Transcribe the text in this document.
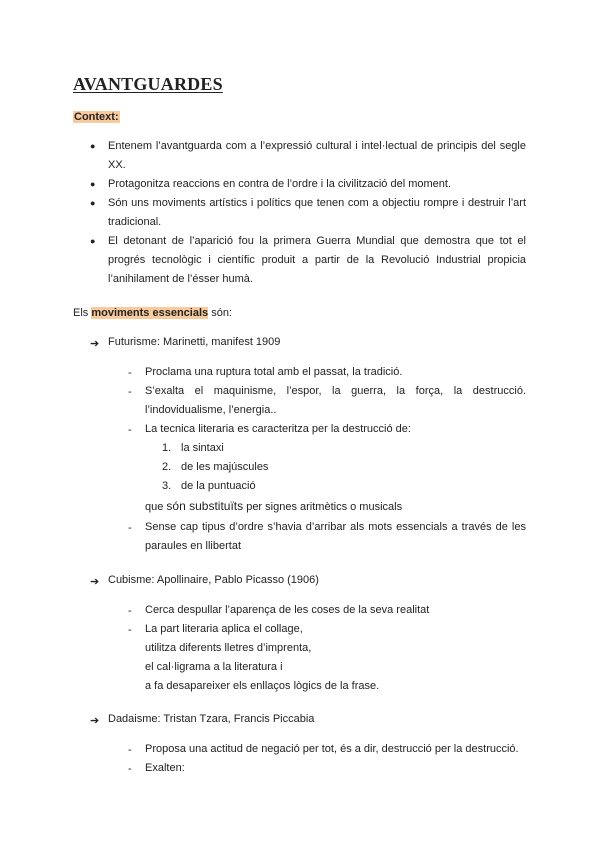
AVANTGUARDES
Context:
● Entenem l’avantguarda com a l’expressió cultural i intel·lectual de principis del segle XX.
● Protagonitza reaccions en contra de l’ordre i la civilització del moment.
● Són uns moviments artístics i polítics que tenen com a objectiu rompre i destruir l’art tradicional.
● El detonant de l’aparició fou la primera Guerra Mundial que demostra que tot el progrés tecnològic i científic produit a partir de la Revolució Industrial propicia l’anihilament de l’ésser humà.
Els moviments essencials són:
➔ Futurisme: Marinetti, manifest 1909
- Proclama una ruptura total amb el passat, la tradició.
- S’exalta el maquinisme, l’espor, la guerra, la força, la destrucció. l’indovidualisme, l’energia..
- La tecnica literaria es caracteritza per la destrucció de:
1. la sintaxi
2. de les majúscules
3. de la puntuació
que són substituïts per signes aritmètics o musicals
- Sense cap tipus d’ordre s’havia d’arribar als mots essencials a través de les paraules en llibertat
➔ Cubisme: Apollinaire, Pablo Picasso (1906)
- Cerca despullar l’aparença de les coses de la seva realitat
- La part literaria aplica el collage,
utilitza diferents lletres d’imprenta,
el cal·ligrama a la literatura i
a fa desapareixer els enllaços lògics de la frase.
➔ Dadaisme: Tristan Tzara, Francis Piccabia
- Proposa una actitud de negació per tot, és a dir, destrucció per la destrucció.
- Exalten:
